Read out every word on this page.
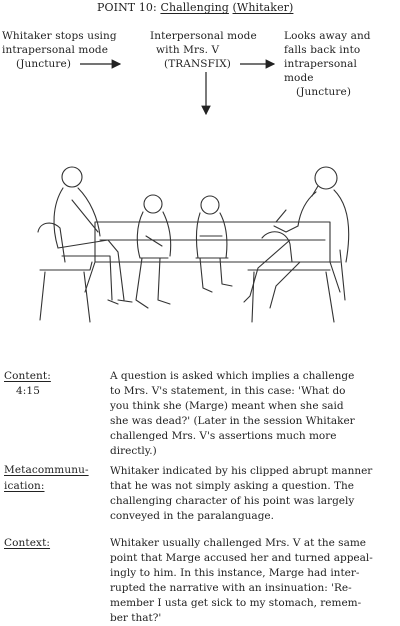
POINT 10: Challenging (Whitaker)
Whitaker stops using
intrapersonal mode
(Juncture)
Interpersonal mode
with Mrs. V
(TRANSFIX)
Looks away and
falls back into
intrapersonal
mode
(Juncture)
Content:
4:15

A question is asked which implies a challenge
to Mrs. V's statement, in this case: 'What do
you think she (Marge) meant when she said
she was dead?' (Later in the session Whitaker
challenged Mrs. V's assertions much more
directly.)

Metacommunu-
ication:

Whitaker indicated by his clipped abrupt manner
that he was not simply asking a question. The
challenging character of his point was largely
conveyed in the paralanguage.

Context:	Whitaker usually challenged Mrs. V at the same
point that Marge accused her and turned appeal-
ingly to him. In this instance, Marge had inter-
rupted the narrative with an insinuation: 'Re-
member I usta get sick to my stomach, remem-
ber that?'
